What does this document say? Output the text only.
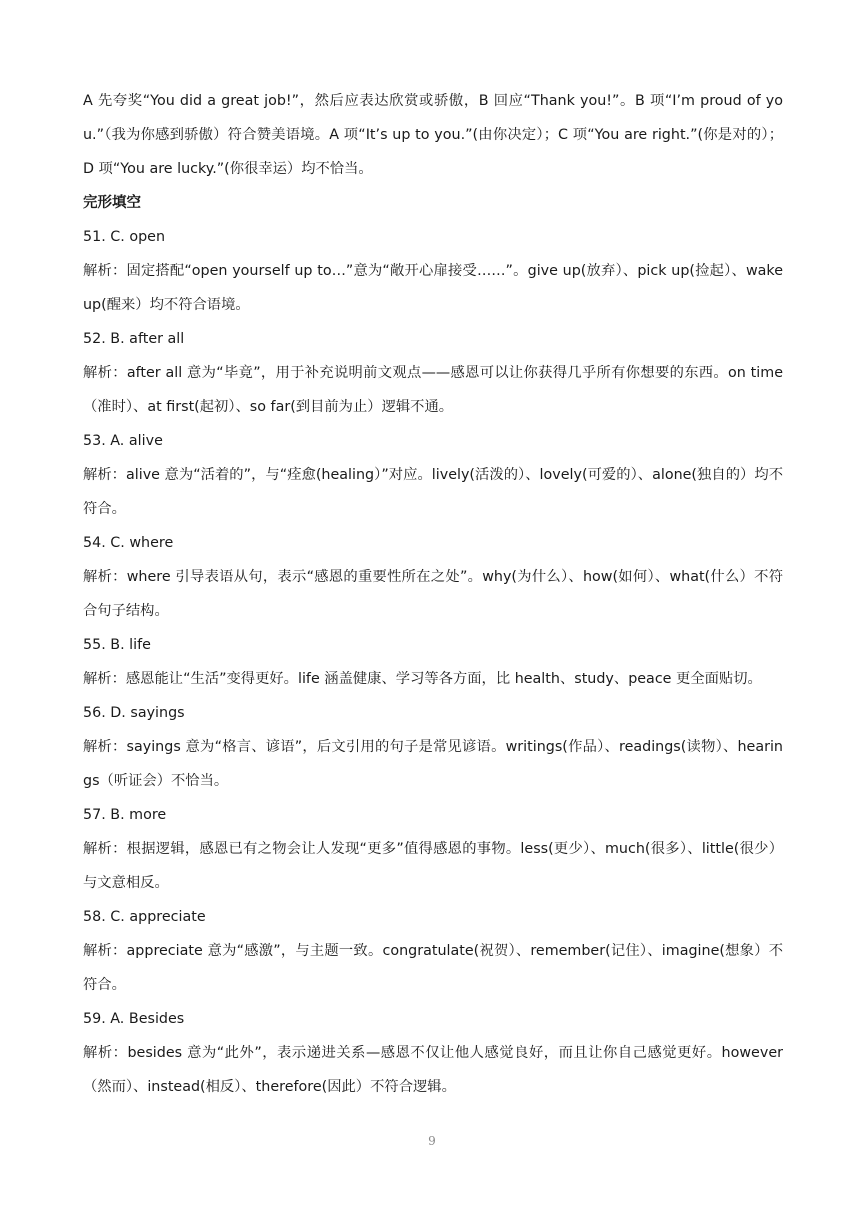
A 先夸奖“You did a great job!”，然后应表达欣赏或骄傲，B 回应“Thank you!”。B 项“I’m proud of you.”（我为你感到骄傲）符合赞美语境。A 项“It’s up to you.”(由你决定）；C 项“You are right.”(你是对的）；D 项“You are lucky.”(你很幸运）均不恰当。

完形填空

51. C. open

解析：固定搭配“open yourself up to…”意为“敞开心扉接受……”。give up(放弃）、pick up(捡起）、wake up(醒来）均不符合语境。

52. B. after all

解析：after all 意为“毕竟”，用于补充说明前文观点——感恩可以让你获得几乎所有你想要的东西。on time（准时）、at first(起初）、so far(到目前为止）逻辑不通。

53. A. alive

解析：alive 意为“活着的”，与“痊愈(healing）”对应。lively(活泼的）、lovely(可爱的）、alone(独自的）均不符合。

54. C. where

解析：where 引导表语从句，表示“感恩的重要性所在之处”。why(为什么）、how(如何）、what(什么）不符合句子结构。

55. B. life

解析：感恩能让“生活”变得更好。life 涵盖健康、学习等各方面，比 health、study、peace 更全面贴切。

56. D. sayings

解析：sayings 意为“格言、谚语”，后文引用的句子是常见谚语。writings(作品）、readings(读物）、hearings（听证会）不恰当。

57. B. more

解析：根据逻辑，感恩已有之物会让人发现“更多”值得感恩的事物。less(更少）、much(很多）、little(很少）与文意相反。

58. C. appreciate

解析：appreciate 意为“感激”，与主题一致。congratulate(祝贺）、remember(记住）、imagine(想象）不符合。

59. A. Besides

解析：besides 意为“此外”，表示递进关系—感恩不仅让他人感觉良好，而且让你自己感觉更好。however（然而）、instead(相反）、therefore(因此）不符合逻辑。

9
